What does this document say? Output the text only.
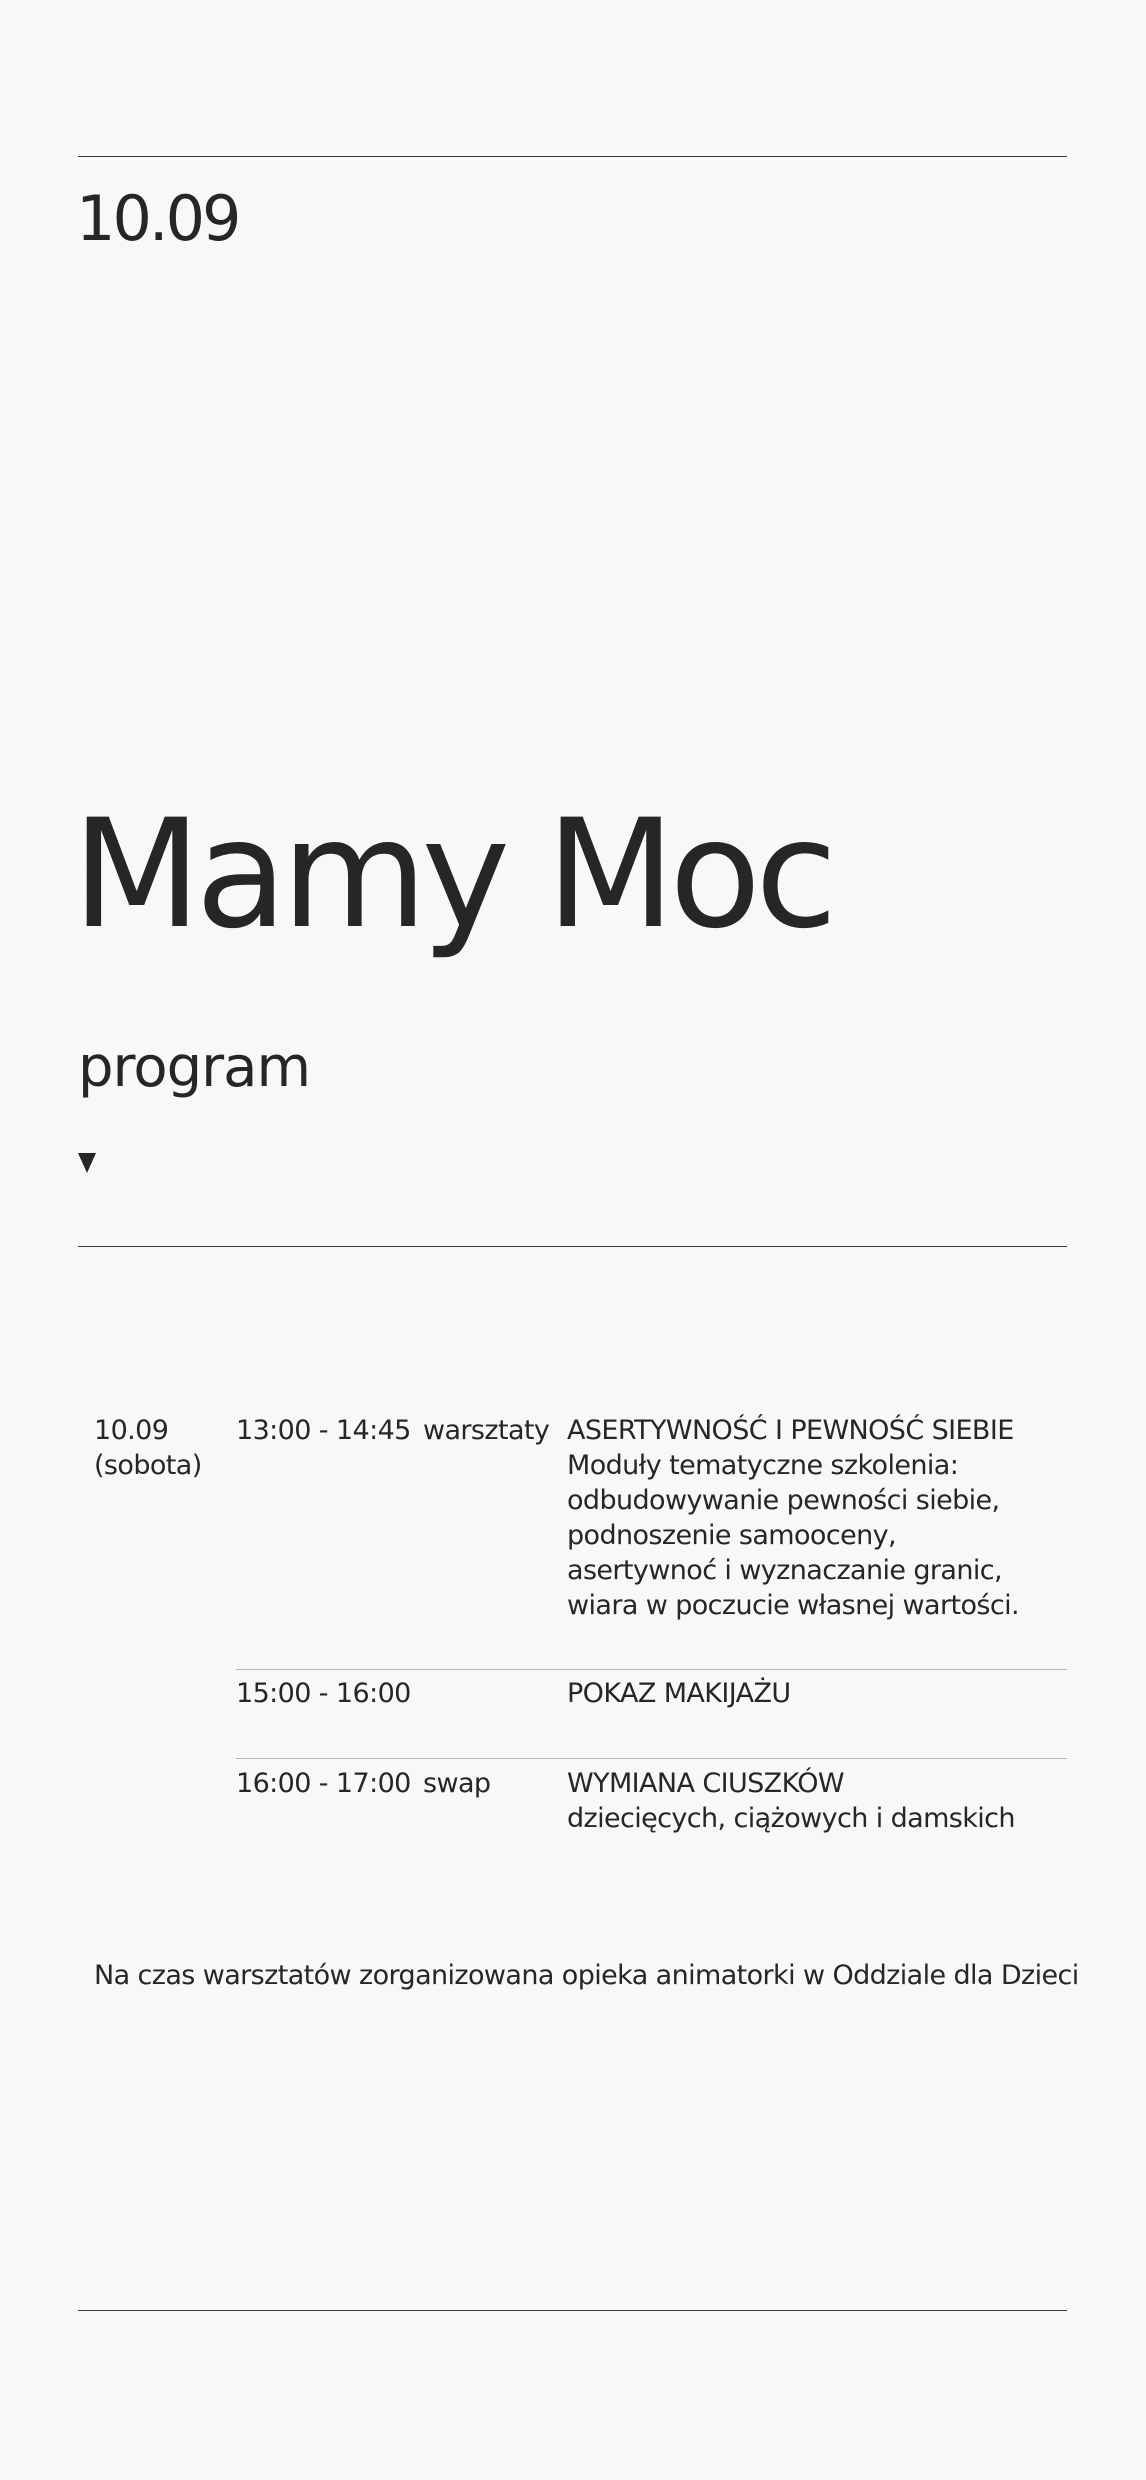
10.09
Mamy Moc
program
10.09
(sobota)
13:00 - 14:45 warsztaty ASERTYWNOŚĆ I PEWNOŚĆ SIEBIE
Moduły tematyczne szkolenia:
odbudowywanie pewności siebie,
podnoszenie samooceny,
asertywnoć i wyznaczanie granic,
wiara w poczucie własnej wartości.
15:00 - 16:00	POKAZ MAKIJAŻU
16:00 - 17:00 swap	WYMIANA CIUSZKÓW
dziecięcych, ciążowych i damskich
Na czas warsztatów zorganizowana opieka animatorki w Oddziale dla Dzieci
